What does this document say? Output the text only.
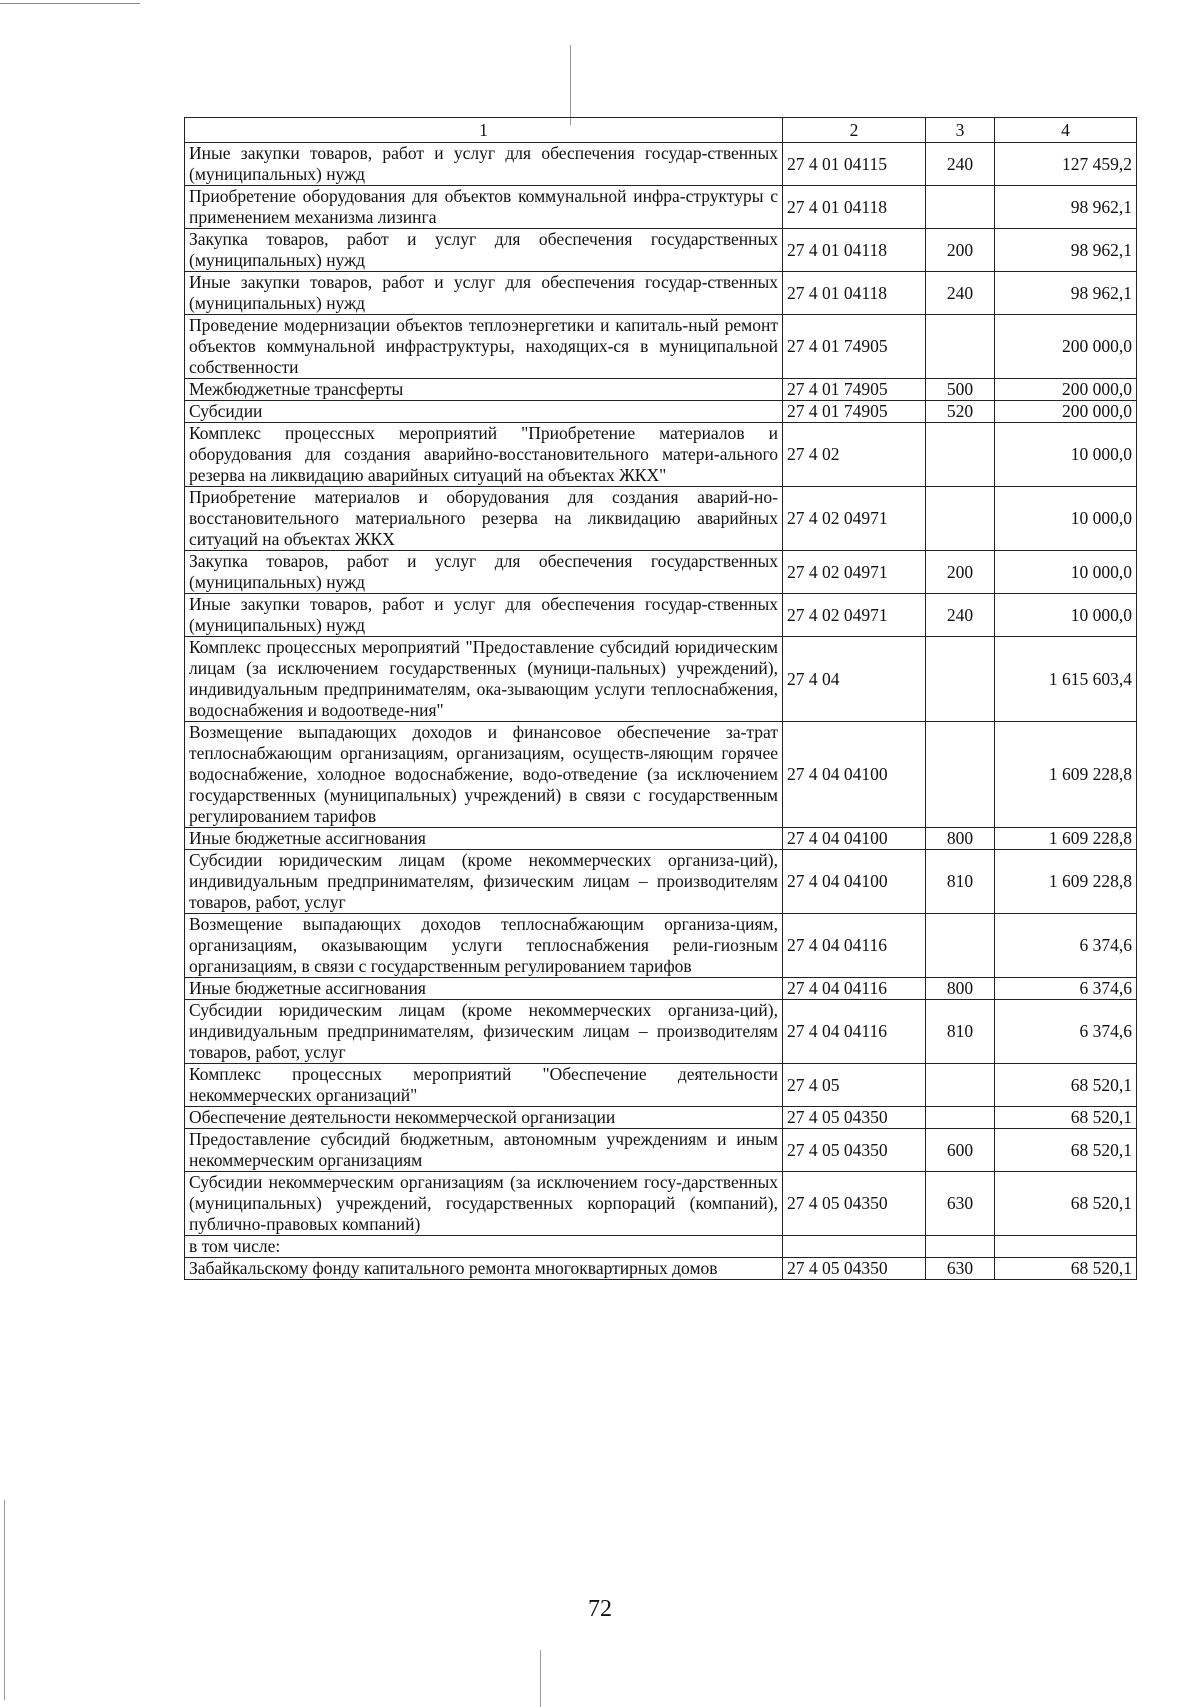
1	2	3	4
Иные закупки товаров, работ и услуг для обеспечения государ-ственных (муниципальных) нужд	27 4 01 04115	240	127 459,2
Приобретение оборудования для объектов коммунальной инфра-структуры с применением механизма лизинга	27 4 01 04118		98 962,1
Закупка товаров, работ и услуг для обеспечения государственных (муниципальных) нужд	27 4 01 04118	200	98 962,1
Иные закупки товаров, работ и услуг для обеспечения государ-ственных (муниципальных) нужд	27 4 01 04118	240	98 962,1
Проведение модернизации объектов теплоэнергетики и капиталь-ный ремонт объектов коммунальной инфраструктуры, находящих-ся в муниципальной собственности	27 4 01 74905		200 000,0
Межбюджетные трансферты	27 4 01 74905	500	200 000,0
Субсидии	27 4 01 74905	520	200 000,0
Комплекс процессных мероприятий "Приобретение материалов и оборудования для создания аварийно-восстановительного матери-ального резерва на ликвидацию аварийных ситуаций на объектах ЖКХ"	27 4 02		10 000,0
Приобретение материалов и оборудования для создания аварий-но-восстановительного материального резерва на ликвидацию аварийных ситуаций на объектах ЖКХ	27 4 02 04971		10 000,0
Закупка товаров, работ и услуг для обеспечения государственных (муниципальных) нужд	27 4 02 04971	200	10 000,0
Иные закупки товаров, работ и услуг для обеспечения государ-ственных (муниципальных) нужд	27 4 02 04971	240	10 000,0
Комплекс процессных мероприятий "Предоставление субсидий юридическим лицам (за исключением государственных (муници-пальных) учреждений), индивидуальным предпринимателям, ока-зывающим услуги теплоснабжения, водоснабжения и водоотведе-ния"	27 4 04		1 615 603,4
Возмещение выпадающих доходов и финансовое обеспечение за-трат теплоснабжающим организациям, организациям, осуществ-ляющим горячее водоснабжение, холодное водоснабжение, водо-отведение (за исключением государственных (муниципальных) учреждений) в связи с государственным регулированием тарифов	27 4 04 04100		1 609 228,8
Иные бюджетные ассигнования	27 4 04 04100	800	1 609 228,8
Субсидии юридическим лицам (кроме некоммерческих организа-ций), индивидуальным предпринимателям, физическим лицам – производителям товаров, работ, услуг	27 4 04 04100	810	1 609 228,8
Возмещение выпадающих доходов теплоснабжающим организа-циям, организациям, оказывающим услуги теплоснабжения рели-гиозным организациям, в связи с государственным регулированием тарифов	27 4 04 04116		6 374,6
Иные бюджетные ассигнования	27 4 04 04116	800	6 374,6
Субсидии юридическим лицам (кроме некоммерческих организа-ций), индивидуальным предпринимателям, физическим лицам – производителям товаров, работ, услуг	27 4 04 04116	810	6 374,6
Комплекс процессных мероприятий "Обеспечение деятельности некоммерческих организаций"	27 4 05		68 520,1
Обеспечение деятельности некоммерческой организации	27 4 05 04350		68 520,1
Предоставление субсидий бюджетным, автономным учреждениям и иным некоммерческим организациям	27 4 05 04350	600	68 520,1
Субсидии некоммерческим организациям (за исключением госу-дарственных (муниципальных) учреждений, государственных корпораций (компаний), публично-правовых компаний)	27 4 05 04350	630	68 520,1
в том числе:			
Забайкальскому фонду капитального ремонта многоквартирных домов	27 4 05 04350	630	68 520,1
72
